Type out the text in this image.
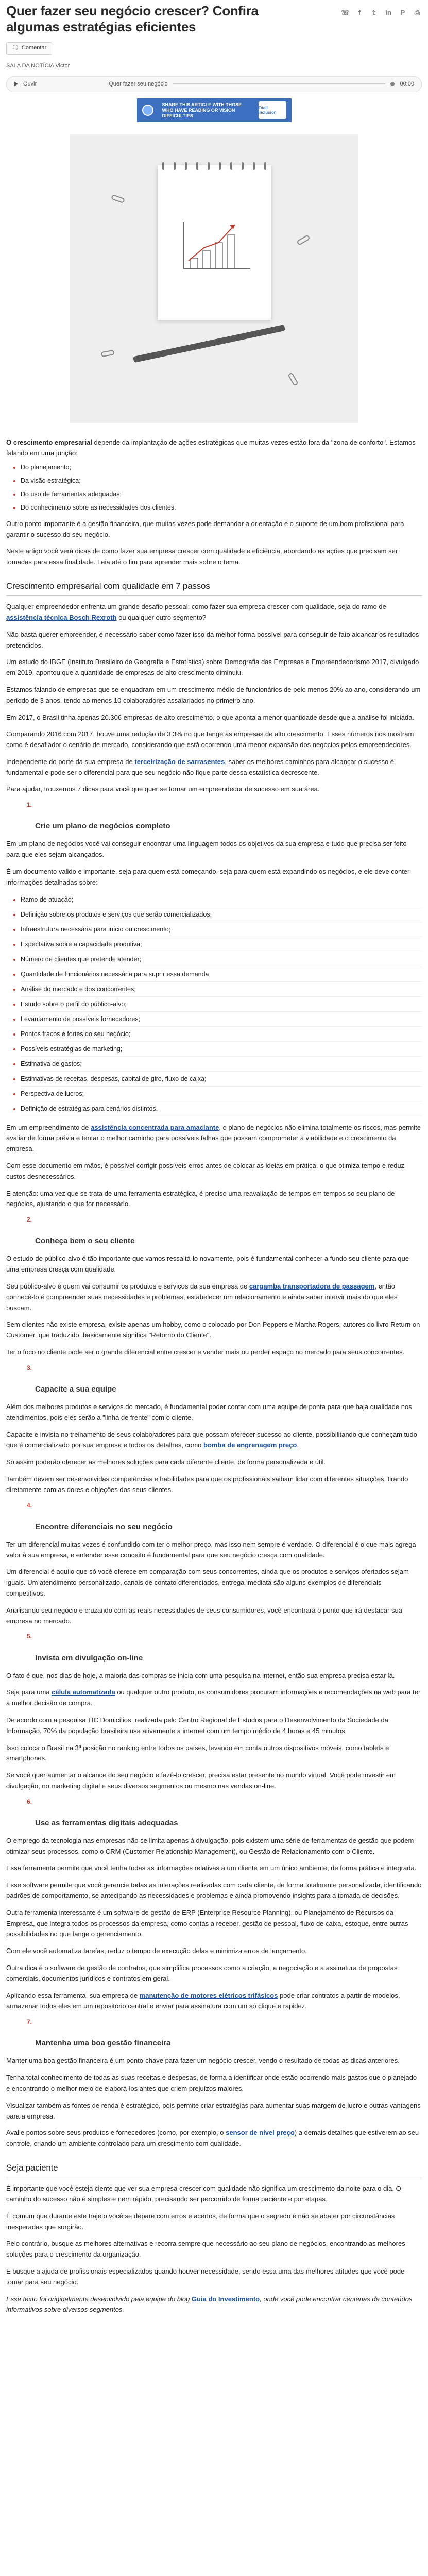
Quer fazer seu negócio crescer? Confira algumas estratégias eficientes
☏	f	𝕥	in	P	⎙
🗨 Comentar
SALA DA NOTÍCIA Victor
Ouvir	Quer fazer seu negócio	00:00
SHARE THIS ARTICLE WITH THOSE WHO HAVE READING OR VISION DIFFICULTIES
Fácil inclusion

O crescimento empresarial depende da implantação de ações estratégicas que muitas vezes estão fora da "zona de conforto". Estamos falando em uma junção:

• Do planejamento;
• Da visão estratégica;
• Do uso de ferramentas adequadas;
• Do conhecimento sobre as necessidades dos clientes.

Outro ponto importante é a gestão financeira, que muitas vezes pode demandar a orientação e o suporte de um bom profissional para garantir o sucesso do seu negócio.

Neste artigo você verá dicas de como fazer sua empresa crescer com qualidade e eficiência, abordando as ações que precisam ser tomadas para essa finalidade. Leia até o fim para aprender mais sobre o tema.

Crescimento empresarial com qualidade em 7 passos

Qualquer empreendedor enfrenta um grande desafio pessoal: como fazer sua empresa crescer com qualidade, seja do ramo de assistência técnica Bosch Rexroth ou qualquer outro segmento?

Não basta querer empreender, é necessário saber como fazer isso da melhor forma possível para conseguir de fato alcançar os resultados pretendidos.

Um estudo do IBGE (Instituto Brasileiro de Geografia e Estatística) sobre Demografia das Empresas e Empreendedorismo 2017, divulgado em 2019, apontou que a quantidade de empresas de alto crescimento diminuiu.

Estamos falando de empresas que se enquadram em um crescimento médio de funcionários de pelo menos 20% ao ano, considerando um período de 3 anos, tendo ao menos 10 colaboradores assalariados no primeiro ano.

Em 2017, o Brasil tinha apenas 20.306 empresas de alto crescimento, o que aponta a menor quantidade desde que a análise foi iniciada.

Comparando 2016 com 2017, houve uma redução de 3,3% no que tange as empresas de alto crescimento. Esses números nos mostram como é desafiador o cenário de mercado, considerando que está ocorrendo uma menor expansão dos negócios pelos empreendedores.

Independente do porte da sua empresa de terceirização de sarrasentes, saber os melhores caminhos para alcançar o sucesso é fundamental e pode ser o diferencial para que seu negócio não fique parte dessa estatística decrescente.

Para ajudar, trouxemos 7 dicas para você que quer se tornar um empreendedor de sucesso em sua área.

1.
Crie um plano de negócios completo

Em um plano de negócios você vai conseguir encontrar uma linguagem todos os objetivos da sua empresa e tudo que precisa ser feito para que eles sejam alcançados.

É um documento valido e importante, seja para quem está começando, seja para quem está expandindo os negócios, e ele deve conter informações detalhadas sobre:

• Ramo de atuação;
• Definição sobre os produtos e serviços que serão comercializados;
• Infraestrutura necessária para início ou crescimento;
• Expectativa sobre a capacidade produtiva;
• Número de clientes que pretende atender;
• Quantidade de funcionários necessária para suprir essa demanda;
• Análise do mercado e dos concorrentes;
• Estudo sobre o perfil do público-alvo;
• Levantamento de possíveis fornecedores;
• Pontos fracos e fortes do seu negócio;
• Possíveis estratégias de marketing;
• Estimativa de gastos;
• Estimativas de receitas, despesas, capital de giro, fluxo de caixa;
• Perspectiva de lucros;
• Definição de estratégias para cenários distintos.

Em um empreendimento de assistência concentrada para amaciante, o plano de negócios não elimina totalmente os riscos, mas permite avaliar de forma prévia e tentar o melhor caminho para possíveis falhas que possam comprometer a viabilidade e o crescimento da empresa.

Com esse documento em mãos, é possível corrigir possíveis erros antes de colocar as ideias em prática, o que otimiza tempo e reduz custos desnecessários.

E atenção: uma vez que se trata de uma ferramenta estratégica, é preciso uma reavaliação de tempos em tempos so seu plano de negócios, ajustando o que for necessário.

2.
Conheça bem o seu cliente

O estudo do público-alvo é tão importante que vamos ressaltá-lo novamente, pois é fundamental conhecer a fundo seu cliente para que uma empresa cresça com qualidade.

Seu público-alvo é quem vai consumir os produtos e serviços da sua empresa de cargamba transportadora de passagem, então conhecê-lo é compreender suas necessidades e problemas, estabelecer um relacionamento e ainda saber intervir mais do que eles buscam.

Sem clientes não existe empresa, existe apenas um hobby, como o colocado por Don Peppers e Martha Rogers, autores do livro Return on Customer, que traduzido, basicamente significa "Retorno do Cliente".

Ter o foco no cliente pode ser o grande diferencial entre crescer e vender mais ou perder espaço no mercado para seus concorrentes.

3.
Capacite a sua equipe

Além dos melhores produtos e serviços do mercado, é fundamental poder contar com uma equipe de ponta para que haja qualidade nos atendimentos, pois eles serão a "linha de frente" com o cliente.

Capacite e invista no treinamento de seus colaboradores para que possam oferecer sucesso ao cliente, possibilitando que conheçam tudo que é comercializado por sua empresa e todos os detalhes, como bomba de engrenagem preço.

Só assim poderão oferecer as melhores soluções para cada diferente cliente, de forma personalizada e útil.

Também devem ser desenvolvidas competências e habilidades para que os profissionais saibam lidar com diferentes situações, tirando diretamente com as dores e objeções dos seus clientes.

4.
Encontre diferenciais no seu negócio

Ter um diferencial muitas vezes é confundido com ter o melhor preço, mas isso nem sempre é verdade. O diferencial é o que mais agrega valor à sua empresa, e entender esse conceito é fundamental para que seu negócio cresça com qualidade.

Um diferencial é aquilo que só você oferece em comparação com seus concorrentes, ainda que os produtos e serviços ofertados sejam iguais. Um atendimento personalizado, canais de contato diferenciados, entrega imediata são alguns exemplos de diferenciais competitivos.

Analisando seu negócio e cruzando com as reais necessidades de seus consumidores, você encontrará o ponto que irá destacar sua empresa no mercado.

5.
Invista em divulgação on-line

O fato é que, nos dias de hoje, a maioria das compras se inicia com uma pesquisa na internet, então sua empresa precisa estar lá.

Seja para uma célula automatizada ou qualquer outro produto, os consumidores procuram informações e recomendações na web para ter a melhor decisão de compra.

De acordo com a pesquisa TIC Domicílios, realizada pelo Centro Regional de Estudos para o Desenvolvimento da Sociedade da Informação, 70% da população brasileira usa ativamente a internet com um tempo médio de 4 horas e 45 minutos.

Isso coloca o Brasil na 3ª posição no ranking entre todos os países, levando em conta outros dispositivos móveis, como tablets e smartphones.

Se você quer aumentar o alcance do seu negócio e fazê-lo crescer, precisa estar presente no mundo virtual. Você pode investir em divulgação, no marketing digital e seus diversos segmentos ou mesmo nas vendas on-line.

6.
Use as ferramentas digitais adequadas

O emprego da tecnologia nas empresas não se limita apenas à divulgação, pois existem uma série de ferramentas de gestão que podem otimizar seus processos, como o CRM (Customer Relationship Management), ou Gestão de Relacionamento com o Cliente.

Essa ferramenta permite que você tenha todas as informações relativas a um cliente em um único ambiente, de forma prática e integrada.

Esse software permite que você gerencie todas as interações realizadas com cada cliente, de forma totalmente personalizada, identificando padrões de comportamento, se antecipando às necessidades e problemas e ainda promovendo insights para a tomada de decisões.

Outra ferramenta interessante é um software de gestão de ERP (Enterprise Resource Planning), ou Planejamento de Recursos da Empresa, que integra todos os processos da empresa, como contas a receber, gestão de pessoal, fluxo de caixa, estoque, entre outras possibilidades no que tange o gerenciamento.

Com ele você automatiza tarefas, reduz o tempo de execução delas e minimiza erros de lançamento.

Outra dica é o software de gestão de contratos, que simplifica processos como a criação, a negociação e a assinatura de propostas comerciais, documentos jurídicos e contratos em geral.

Aplicando essa ferramenta, sua empresa de manutenção de motores elétricos trifásicos pode criar contratos a partir de modelos, armazenar todos eles em um repositório central e enviar para assinatura com um só clique e rapidez.

7.
Mantenha uma boa gestão financeira

Manter uma boa gestão financeira é um ponto-chave para fazer um negócio crescer, vendo o resultado de todas as dicas anteriores.

Tenha total conhecimento de todas as suas receitas e despesas, de forma a identificar onde estão ocorrendo mais gastos que o planejado e encontrando o melhor meio de elaborá-los antes que criem prejuízos maiores.

Visualizar também as fontes de renda é estratégico, pois permite criar estratégias para aumentar suas margem de lucro e outras vantagens para a empresa.

Avalie pontos sobre seus produtos e fornecedores (como, por exemplo, o sensor de nível preço) a demais detalhes que estiverem ao seu controle, criando um ambiente controlado para um crescimento com qualidade.

Seja paciente

É importante que você esteja ciente que ver sua empresa crescer com qualidade não significa um crescimento da noite para o dia. O caminho do sucesso não é simples e nem rápido, precisando ser percorrido de forma paciente e por etapas.

É comum que durante este trajeto você se depare com erros e acertos, de forma que o segredo é não se abater por circunstâncias inesperadas que surgirão.

Pelo contrário, busque as melhores alternativas e recorra sempre que necessário ao seu plano de negócios, encontrando as melhores soluções para o crescimento da organização.

E busque a ajuda de profissionais especializados quando houver necessidade, sendo essa uma das melhores atitudes que você pode tomar para seu negócio.

Esse texto foi originalmente desenvolvido pela equipe do blog Guia do Investimento, onde você pode encontrar centenas de conteúdos informativos sobre diversos segmentos.
